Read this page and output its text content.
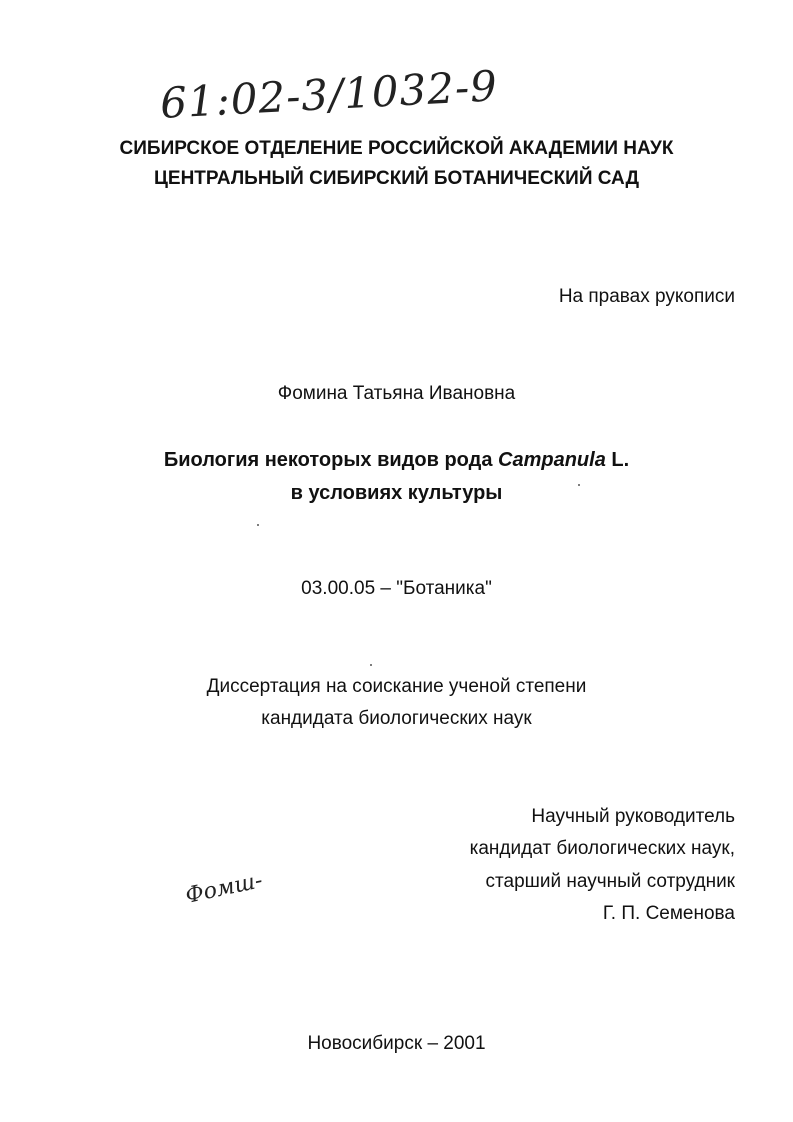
61:02-3/1032-9
СИБИРСКОЕ ОТДЕЛЕНИЕ РОССИЙСКОЙ АКАДЕМИИ НАУК
ЦЕНТРАЛЬНЫЙ СИБИРСКИЙ БОТАНИЧЕСКИЙ САД
На правах рукописи
Фомина Татьяна Ивановна
Биология некоторых видов рода Campanula L.
в условиях культуры
03.00.05 – "Ботаника"
Диссертация на соискание ученой степени
кандидата биологических наук
Научный руководитель
кандидат биологических наук,
старший научный сотрудник
Г. П. Семенова
Фомш-
Новосибирск – 2001
